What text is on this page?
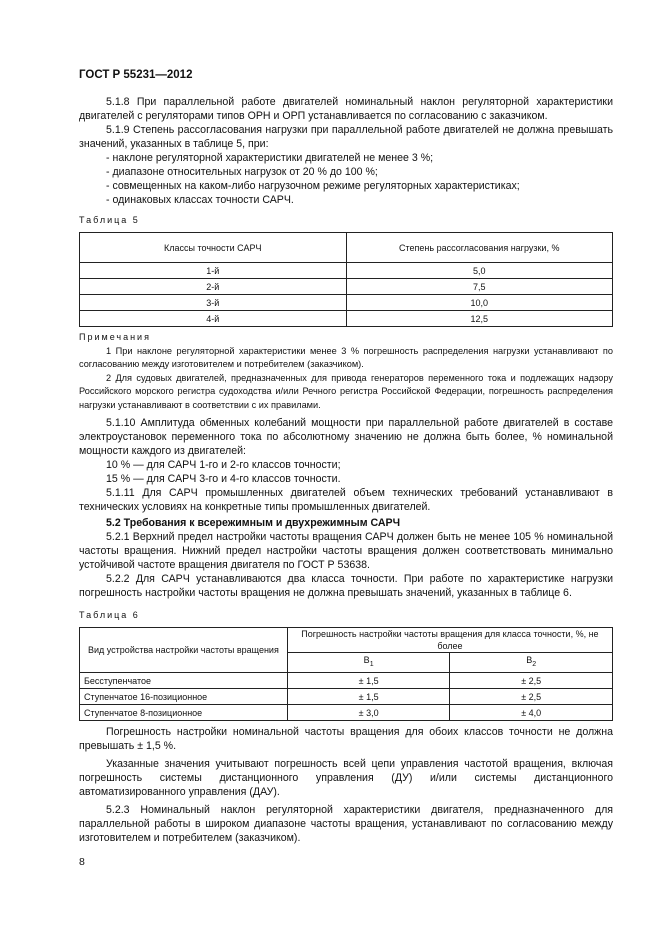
ГОСТ Р 55231—2012

5.1.8 При параллельной работе двигателей номинальный наклон регуляторной характеристики двигателей с регуляторами типов ОРН и ОРП устанавливается по согласованию с заказчиком.

5.1.9 Степень рассогласования нагрузки при параллельной работе двигателей не должна превышать значений, указанных в таблице 5, при:

- наклоне регуляторной характеристики двигателей не менее 3 %;

- диапазоне относительных нагрузок от 20 % до 100 %;

- совмещенных на каком-либо нагрузочном режиме регуляторных характеристиках;

- одинаковых классах точности САРЧ.

Таблица 5
Классы точности САРЧ	Степень рассогласования нагрузки, %
1-й	5,0
2-й	7,5
3-й	10,0
4-й	12,5

Примечания

1 При наклоне регуляторной характеристики менее 3 % погрешность распределения нагрузки устанавливают по согласованию между изготовителем и потребителем (заказчиком).

2 Для судовых двигателей, предназначенных для привода генераторов переменного тока и подлежащих надзору Российского морского регистра судоходства и/или Речного регистра Российской Федерации, погрешность распределения нагрузки устанавливают в соответствии с их правилами.

5.1.10 Амплитуда обменных колебаний мощности при параллельной работе двигателей в составе электроустановок переменного тока по абсолютному значению не должна быть более, % номинальной мощности каждого из двигателей:

10 % — для САРЧ 1-го и 2-го классов точности;

15 % — для САРЧ 3-го и 4-го классов точности.

5.1.11 Для САРЧ промышленных двигателей объем технических требований устанавливают в технических условиях на конкретные типы промышленных двигателей.

5.2 Требования к всережимным и двухрежимным САРЧ

5.2.1 Верхний предел настройки частоты вращения САРЧ должен быть не менее 105 % номинальной частоты вращения. Нижний предел настройки частоты вращения должен соответствовать минимально устойчивой частоте вращения двигателя по ГОСТ Р 53638.

5.2.2 Для САРЧ устанавливаются два класса точности. При работе по характеристике нагрузки погрешность настройки частоты вращения не должна превышать значений, указанных в таблице 6.

Таблица 6
Вид устройства настройки частоты вращения	Погрешность настройки частоты вращения для класса точности, %, не более	
	$В_1$	$В_2$
Бесступенчатое	± 1,5	± 2,5
Ступенчатое 16-позиционное	± 1,5	± 2,5
Ступенчатое 8-позиционное	± 3,0	± 4,0

Погрешность настройки номинальной частоты вращения для обоих классов точности не должна превышать ± 1,5 %.

Указанные значения учитывают погрешность всей цепи управления частотой вращения, включая погрешность системы дистанционного управления (ДУ) и/или системы дистанционного автоматизированного управления (ДАУ).

5.2.3 Номинальный наклон регуляторной характеристики двигателя, предназначенного для параллельной работы в широком диапазоне частоты вращения, устанавливают по согласованию между изготовителем и потребителем (заказчиком).

8
